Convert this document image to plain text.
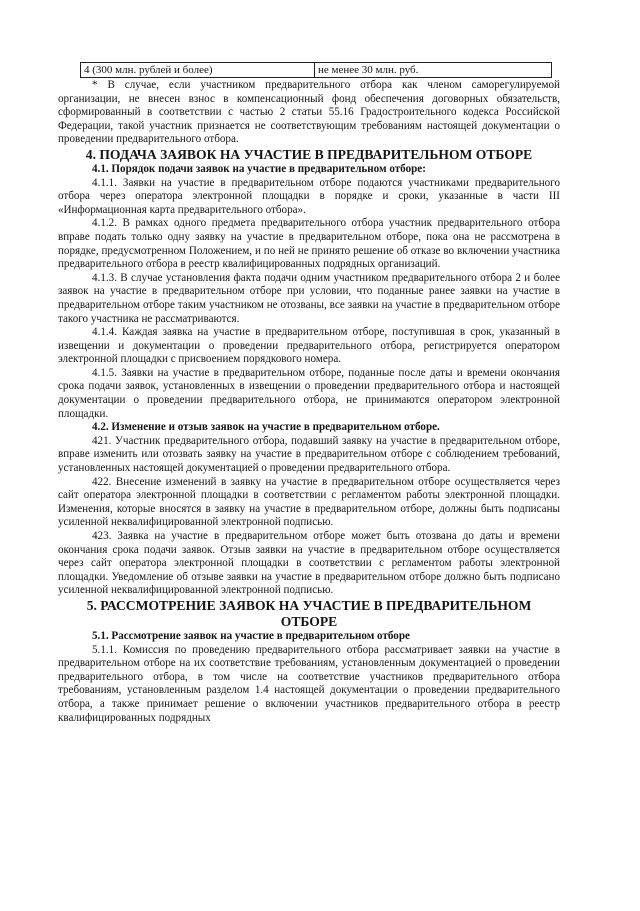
4 (300 млн. рублей и более)	не менее 30 млн. руб.

* В случае, если участником предварительного отбора как членом саморегулируемой организации, не внесен взнос в компенсационный фонд обеспечения договорных обязательств, сформированный в соответствии с частью 2 статьи 55.16 Градостроительного кодекса Российской Федерации, такой участник признается не соответствующим требованиям настоящей документации о проведении предварительного отбора.

4. ПОДАЧА ЗАЯВОК НА УЧАСТИЕ В ПРЕДВАРИТЕЛЬНОМ ОТБОРЕ

4.1. Порядок подачи заявок на участие в предварительном отборе:

4.1.1. Заявки на участие в предварительном отборе подаются участниками предварительного отбора через оператора электронной площадки в порядке и сроки, указанные в части III «Информационная карта предварительного отбора».

4.1.2. В рамках одного предмета предварительного отбора участник предварительного отбора вправе подать только одну заявку на участие в предварительном отборе, пока она не рассмотрена в порядке, предусмотренном Положением, и по ней не принято решение об отказе во включении участника предварительного отбора в реестр квалифицированных подрядных организаций.

4.1.3. В случае установления факта подачи одним участником предварительного отбора 2 и более заявок на участие в предварительном отборе при условии, что поданные ранее заявки на участие в предварительном отборе таким участником не отозваны, все заявки на участие в предварительном отборе такого участника не рассматриваются.

4.1.4. Каждая заявка на участие в предварительном отборе, поступившая в срок, указанный в извещении и документации о проведении предварительного отбора, регистрируется оператором электронной площадки с присвоением порядкового номера.

4.1.5. Заявки на участие в предварительном отборе, поданные после даты и времени окончания срока подачи заявок, установленных в извещении о проведении предварительного отбора и настоящей документации о проведении предварительного отбора, не принимаются оператором электронной площадки.

4.2. Изменение и отзыв заявок на участие в предварительном отборе.

421. Участник предварительного отбора, подавший заявку на участие в предварительном отборе, вправе изменить или отозвать заявку на участие в предварительном отборе с соблюдением требований, установленных настоящей документацией о проведении предварительного отбора.

422. Внесение изменений в заявку на участие в предварительном отборе осуществляется через сайт оператора электронной площадки в соответствии с регламентом работы электронной площадки. Изменения, которые вносятся в заявку на участие в предварительном отборе, должны быть подписаны усиленной неквалифицированной электронной подписью.

423. Заявка на участие в предварительном отборе может быть отозвана до даты и времени окончания срока подачи заявок. Отзыв заявки на участие в предварительном отборе осуществляется через сайт оператора электронной площадки в соответствии с регламентом работы электронной площадки. Уведомление об отзыве заявки на участие в предварительном отборе должно быть подписано усиленной неквалифицированной электронной подписью.

5. РАССМОТРЕНИЕ ЗАЯВОК НА УЧАСТИЕ В ПРЕДВАРИТЕЛЬНОМ ОТБОРЕ

5.1. Рассмотрение заявок на участие в предварительном отборе

5.1.1. Комиссия по проведению предварительного отбора рассматривает заявки на участие в предварительном отборе на их соответствие требованиям, установленным документацией о проведении предварительного отбора, в том числе на соответствие участников предварительного отбора требованиям, установленным разделом 1.4 настоящей документации о проведении предварительного отбора, а также принимает решение о включении участников предварительного отбора в реестр квалифицированных подрядных
